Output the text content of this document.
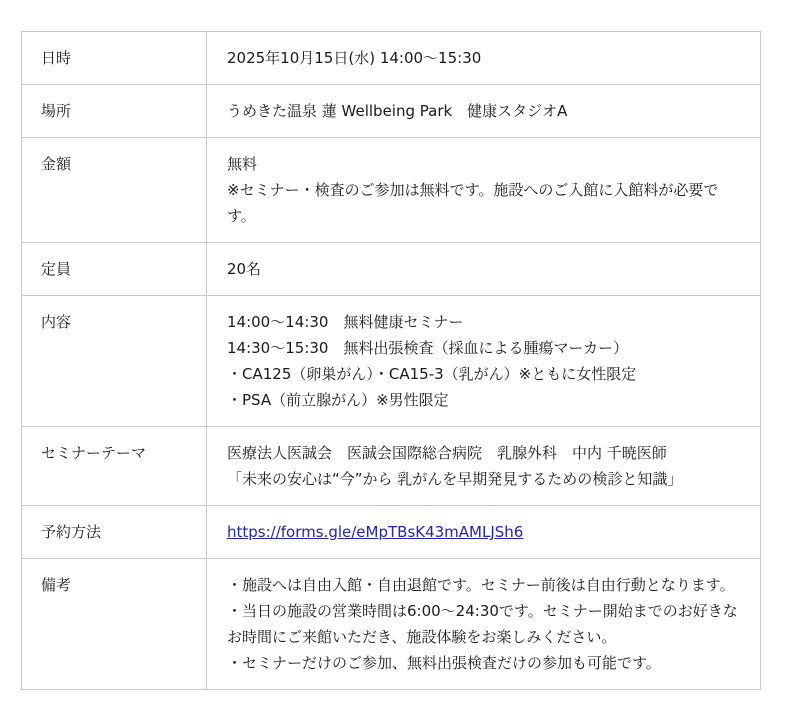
日時	2025年10月15日(水) 14:00〜15:30

場所	うめきた温泉 蓮 Wellbeing Park　健康スタジオA

金額	無料
※セミナー・検査のご参加は無料です。施設へのご入館に入館料が必要です。

定員	20名

内容	14:00〜14:30　無料健康セミナー
14:30〜15:30　無料出張検査（採血による腫瘍マーカー）
・CA125（卵巣がん）・CA15-3（乳がん）※ともに女性限定
・PSA（前立腺がん）※男性限定

セミナーテーマ	医療法人医誠会　医誠会国際総合病院　乳腺外科　中内 千暁医師
「未来の安心は“今”から 乳がんを早期発見するための検診と知識」

予約方法	https://forms.gle/eMpTBsK43mAMLJSh6

備考	・施設へは自由入館・自由退館です。セミナー前後は自由行動となります。
・当日の施設の営業時間は6:00〜24:30です。セミナー開始までのお好きなお時間にご来館いただき、施設体験をお楽しみください。
・セミナーだけのご参加、無料出張検査だけの参加も可能です。
